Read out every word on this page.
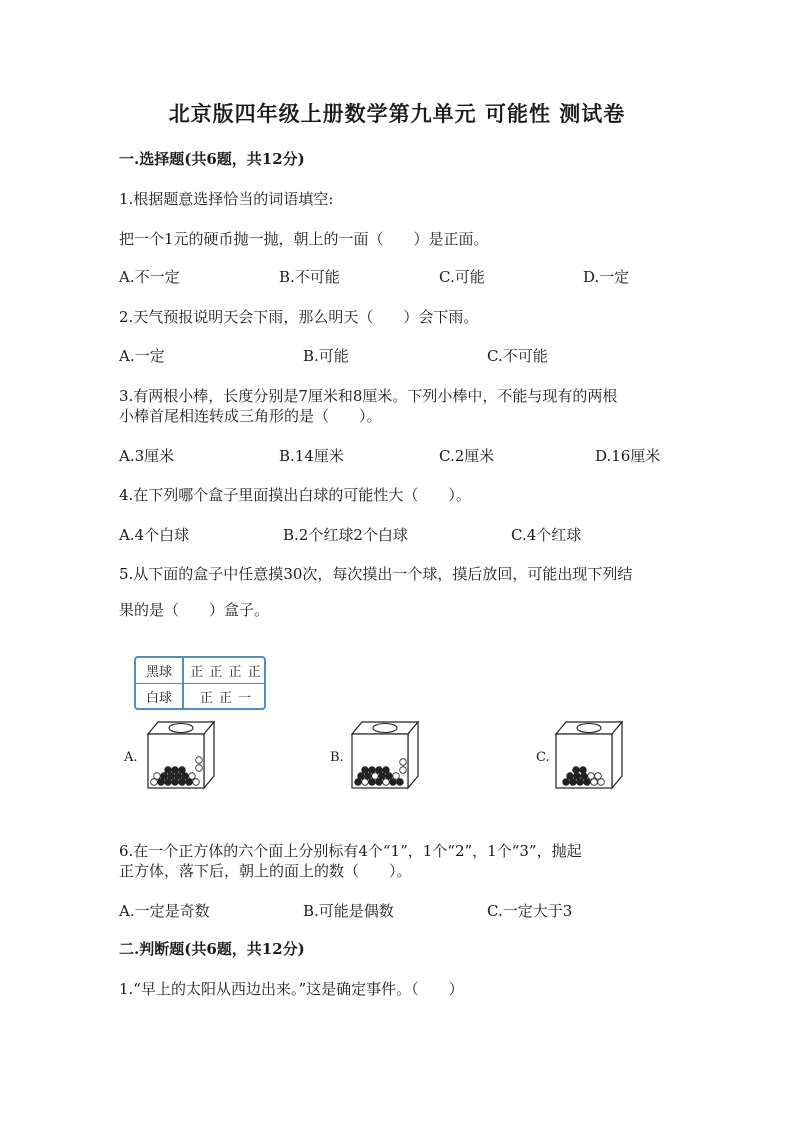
北京版四年级上册数学第九单元 可能性 测试卷
一.选择题(共6题，共12分)
1.根据题意选择恰当的词语填空:
把一个1元的硬币抛一抛，朝上的一面（　　）是正面。
A.不一定	B.不可能	C.可能	D.一定
2.天气预报说明天会下雨，那么明天（　　）会下雨。
A.一定	B.可能	C.不可能
3.有两根小棒，长度分别是7厘米和8厘米。下列小棒中，不能与现有的两根
小棒首尾相连转成三角形的是（　　）。
A.3厘米	B.14厘米	C.2厘米	D.16厘米
4.在下列哪个盒子里面摸出白球的可能性大（　　）。
A.4个白球	B.2个红球2个白球	C.4个红球
5.从下面的盒子中任意摸30次，每次摸出一个球，摸后放回，可能出现下列结
果的是（　　）盒子。
黑球	正 正 正 正
白球	正 正 一
A.	B.	C.
6.在一个正方体的六个面上分别标有4个“1”，1个“2”，1个“3”，抛起
正方体，落下后，朝上的面上的数（　　）。
A.一定是奇数	B.可能是偶数	C.一定大于3
二.判断题(共6题，共12分)
1.“早上的太阳从西边出来。”这是确定事件。（　　）
